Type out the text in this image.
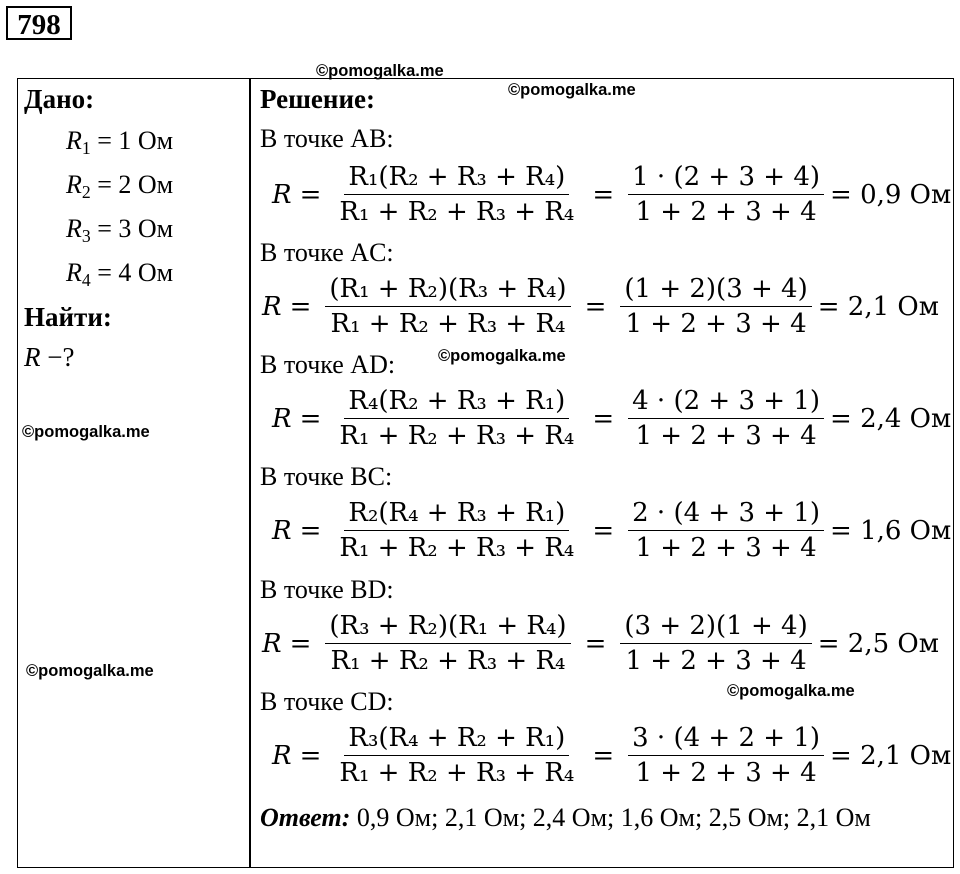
798
©pomogalka.me
©pomogalka.me
©pomogalka.me
©pomogalka.me
©pomogalka.me
©pomogalka.me
Дано:
$R_1 = 1$ Ом
$R_2 = 2$ Ом
$R_3 = 3$ Ом
$R_4 = 4$ Ом
Найти:
R −?
Решение:
В точке AB:
$R = \frac{\text{R₁(R₂ + R₃ + R₄)}}{\text{R₁ + R₂ + R₃ + R₄}} = \frac{1 \cdot (2 + 3 + 4)}{1 + 2 + 3 + 4} = 0,9$ Ом
В точке AC:
$R = \frac{\text{(R₁ + R₂)(R₃ + R₄)}}{\text{R₁ + R₂ + R₃ + R₄}} = \frac{(1 + 2)(3 + 4)}{1 + 2 + 3 + 4} = 2,1$ Ом
В точке AD:
$R = \frac{\text{R₄(R₂ + R₃ + R₁)}}{\text{R₁ + R₂ + R₃ + R₄}} = \frac{4 \cdot (2 + 3 + 1)}{1 + 2 + 3 + 4} = 2,4$ Ом
В точке BC:
$R = \frac{\text{R₂(R₄ + R₃ + R₁)}}{\text{R₁ + R₂ + R₃ + R₄}} = \frac{2 \cdot (4 + 3 + 1)}{1 + 2 + 3 + 4} = 1,6$ Ом
В точке BD:
$R = \frac{\text{(R₃ + R₂)(R₁ + R₄)}}{\text{R₁ + R₂ + R₃ + R₄}} = \frac{(3 + 2)(1 + 4)}{1 + 2 + 3 + 4} = 2,5$ Ом
В точке CD:
$R = \frac{\text{R₃(R₄ + R₂ + R₁)}}{\text{R₁ + R₂ + R₃ + R₄}} = \frac{3 \cdot (4 + 2 + 1)}{1 + 2 + 3 + 4} = 2,1$ Ом
Ответ: 0,9 Ом; 2,1 Ом; 2,4 Ом; 1,6 Ом; 2,5 Ом; 2,1 Ом
